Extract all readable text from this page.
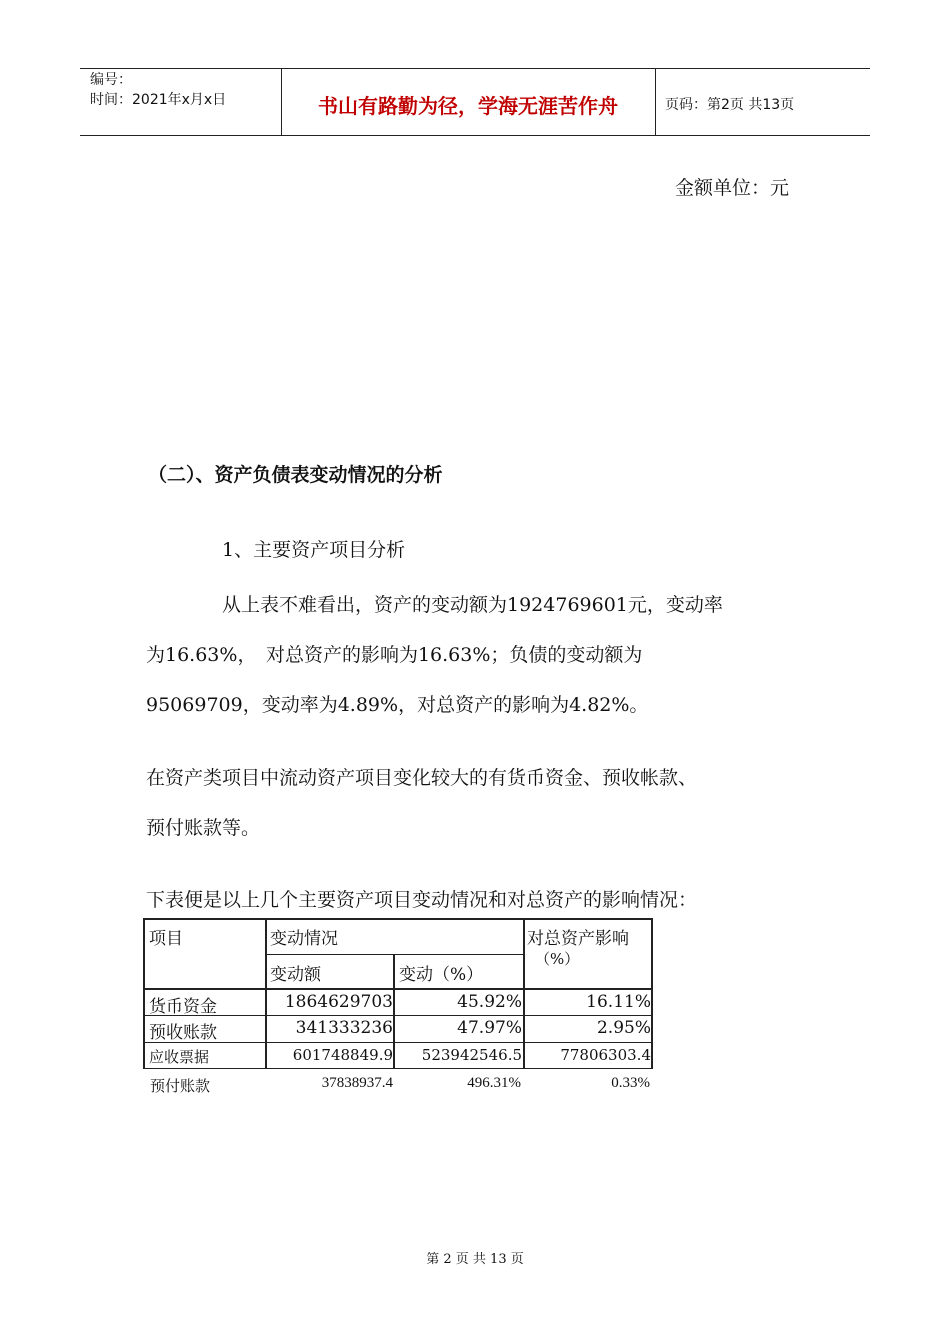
编号：
时间：2021年x月x日	书山有路勤为径，学海无涯苦作舟	页码：第2页 共13页
金额单位：元
（二）、资产负债表变动情况的分析
1、主要资产项目分析
从上表不难看出，资产的变动额为1924769601元，变动率
为16.63%，　对总资产的影响为16.63%；负债的变动额为
95069709，变动率为4.89%，对总资产的影响为4.82%。
在资产类项目中流动资产项目变化较大的有货币资金、预收帐款、
预付账款等。
下表便是以上几个主要资产项目变动情况和对总资产的影响情况：
项目	变动情况
变动额	变动（%）
对总资产影响
（%）
货币资金	1864629703	45.92%	16.11%
预收账款	341333236	47.97%	2.95%
应收票据	601748849.9	523942546.5	77806303.4
预付账款	37838937.4	496.31%	0.33%
第 2 页 共 13 页
